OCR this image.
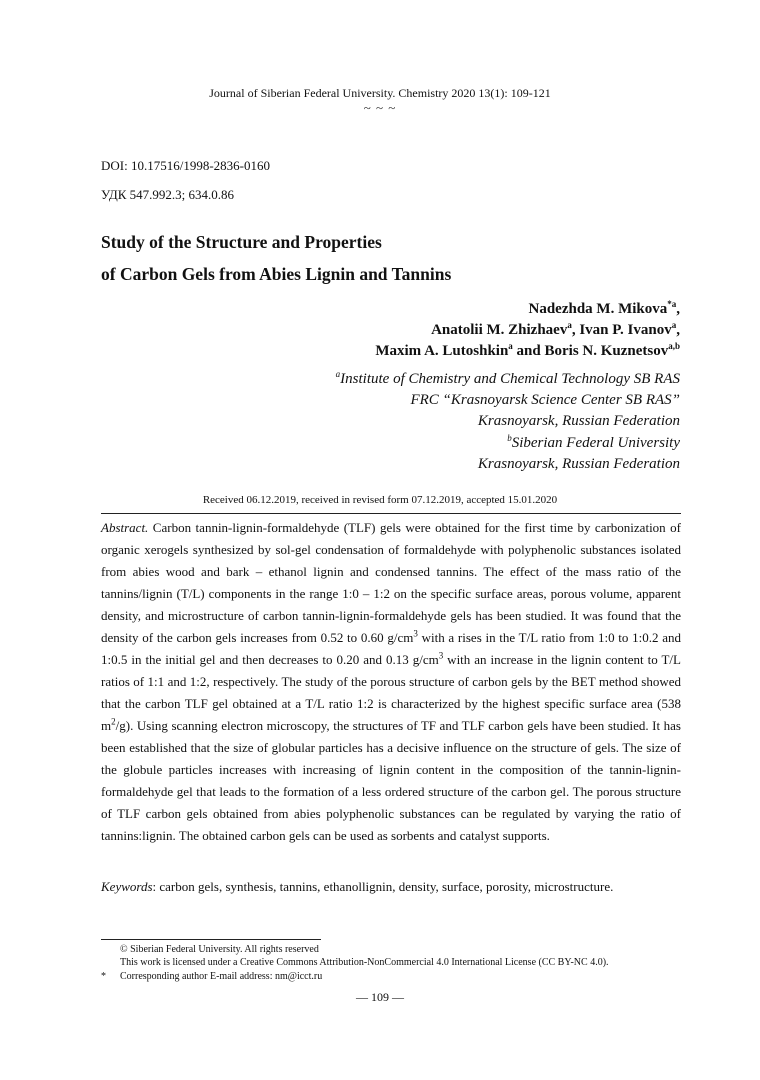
Journal of Siberian Federal University. Chemistry 2020 13(1): 109-121
~ ~ ~
DOI: 10.17516/1998-2836-0160
УДК 547.992.3; 634.0.86
Study of the Structure and Properties
of Carbon Gels from Abies Lignin and Tannins
Nadezhda M. Mikova$^{*a}$,
Anatolii M. Zhizhaev$^a$, Ivan P. Ivanov$^a$,
Maxim A. Lutoshkin$^a$ and Boris N. Kuznetsov$^{a,b}$
$^a$Institute of Chemistry and Chemical Technology SB RAS
FRC “Krasnoyarsk Science Center SB RAS”
Krasnoyarsk, Russian Federation
$^b$Siberian Federal University
Krasnoyarsk, Russian Federation
Received 06.12.2019, received in revised form 07.12.2019, accepted 15.01.2020
Abstract. Carbon tannin-lignin-formaldehyde (TLF) gels were obtained for the first time by carbonization of organic xerogels synthesized by sol-gel condensation of formaldehyde with polyphenolic substances isolated from abies wood and bark – ethanol lignin and condensed tannins. The effect of the mass ratio of the tannins/lignin (T/L) components in the range 1:0 – 1:2 on the specific surface areas, porous volume, apparent density, and microstructure of carbon tannin-lignin-formaldehyde gels has been studied. It was found that the density of the carbon gels increases from 0.52 to 0.60 $g/cm^3$ with a rises in the T/L ratio from 1:0 to 1:0.2 and 1:0.5 in the initial gel and then decreases to 0.20 and 0.13 $g/cm^3$ with an increase in the lignin content to T/L ratios of 1:1 and 1:2, respectively. The study of the porous structure of carbon gels by the BET method showed that the carbon TLF gel obtained at a T/L ratio 1:2 is characterized by the highest specific surface area (538 $m^2/g$). Using scanning electron microscopy, the structures of TF and TLF carbon gels have been studied. It has been established that the size of globular particles has a decisive influence on the structure of gels. The size of the globule particles increases with increasing of lignin content in the composition of the tannin-lignin-formaldehyde gel that leads to the formation of a less ordered structure of the carbon gel. The porous structure of TLF carbon gels obtained from abies polyphenolic substances can be regulated by varying the ratio of tannins:lignin. The obtained carbon gels can be used as sorbents and catalyst supports.
Keywords: carbon gels, synthesis, tannins, ethanollignin, density, surface, porosity, microstructure.
© Siberian Federal University. All rights reserved
This work is licensed under a Creative Commons Attribution-NonCommercial 4.0 International License (CC BY-NC 4.0).
* Corresponding author E-mail address: nm@icct.ru
— 109 —
